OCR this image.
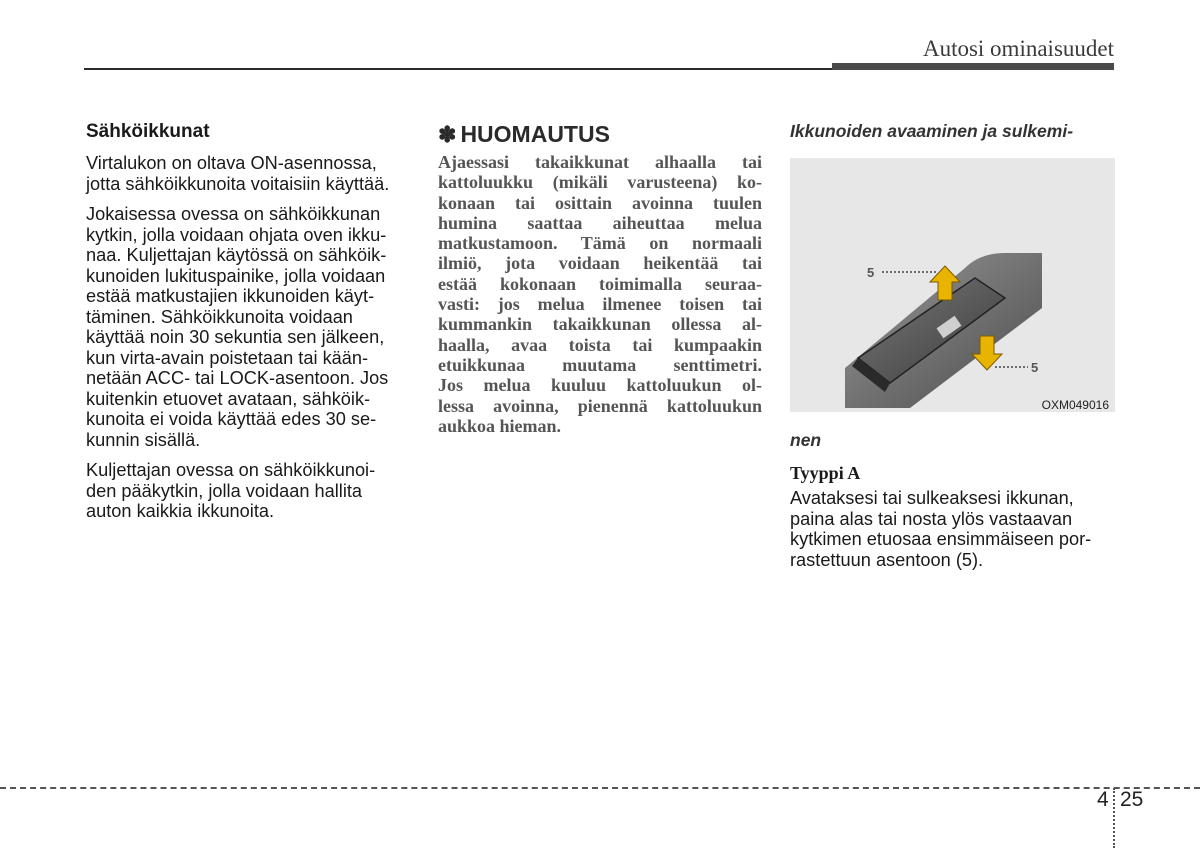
Autosi ominaisuudet
Sähköikkunat
Virtalukon on oltava ON-asennossa,
jotta sähköikkunoita voitaisiin käyttää.
Jokaisessa ovessa on sähköikkunan
kytkin, jolla voidaan ohjata oven ikku-
naa. Kuljettajan käytössä on sähköik-
kunoiden lukituspainike, jolla voidaan
estää matkustajien ikkunoiden käyt-
täminen. Sähköikkunoita voidaan
käyttää noin 30 sekuntia sen jälkeen,
kun virta-avain poistetaan tai kään-
netään ACC- tai LOCK-asentoon. Jos
kuitenkin etuovet avataan, sähköik-
kunoita ei voida käyttää edes 30 se-
kunnin sisällä.
Kuljettajan ovessa on sähköikkunoi-
den pääkytkin, jolla voidaan hallita
auton kaikkia ikkunoita.
✽ HUOMAUTUS
Ajaessasi takaikkunat alhaalla tai
kattoluukku (mikäli varusteena) ko-
konaan tai osittain avoinna tuulen
humina saattaa aiheuttaa melua
matkustamoon. Tämä on normaali
ilmiö, jota voidaan heikentää tai
estää kokonaan toimimalla seuraa-
vasti: jos melua ilmenee toisen tai
kummankin takaikkunan ollessa al-
haalla, avaa toista tai kumpaakin
etuikkunaa muutama senttimetri.
Jos melua kuuluu kattoluukun ol-
lessa avoinna, pienennä kattoluukun
aukkoa hieman.
Ikkunoiden avaaminen ja sulkemi-
5
5
OXM049016
nen
Tyyppi A
Avataksesi tai sulkeaksesi ikkunan,
paina alas tai nosta ylös vastaavan
kytkimen etuosaa ensimmäiseen por-
rastettuun asentoon (5).
4 25
